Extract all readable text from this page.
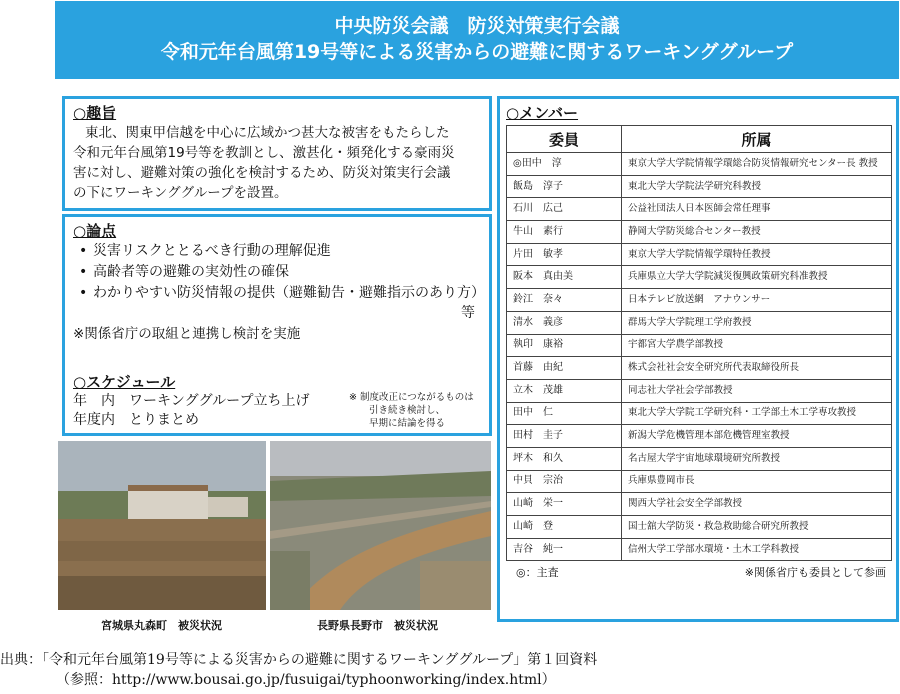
中央防災会議　防災対策実行会議
令和元年台風第19号等による災害からの避難に関するワーキンググループ
○趣旨
東北、関東甲信越を中心に広域かつ甚大な被害をもたらした
令和元年台風第19号等を教訓とし、激甚化・頻発化する豪雨災
害に対し、避難対策の強化を検討するため、防災対策実行会議
の下にワーキンググループを設置。
○論点
• 災害リスクととるべき行動の理解促進
• 高齢者等の避難の実効性の確保
• わかりやすい防災情報の提供（避難勧告・避難指示のあり方）
等
※関係省庁の取組と連携し検討を実施
○スケジュール
年　内　ワーキンググループ立ち上げ
年度内　とりまとめ
※ 制度改正につながるものは
引き続き検討し、
早期に結論を得る
宮城県丸森町　被災状況	長野県長野市　被災状況
○メンバー
委員	所属
◎田中　淳	東京大学大学院情報学環総合防災情報研究センター長 教授
飯島　淳子	東北大学大学院法学研究科教授
石川　広己	公益社団法人日本医師会常任理事
牛山　素行	静岡大学防災総合センター教授
片田　敏孝	東京大学大学院情報学環特任教授
阪本　真由美	兵庫県立大学大学院減災復興政策研究科准教授
鈴江　奈々	日本テレビ放送網　アナウンサー
清水　義彦	群馬大学大学院理工学府教授
執印　康裕	宇都宮大学農学部教授
首藤　由紀	株式会社社会安全研究所代表取締役所長
立木　茂雄	同志社大学社会学部教授
田中　仁	東北大学大学院工学研究科・工学部土木工学専攻教授
田村　圭子	新潟大学危機管理本部危機管理室教授
坪木　和久	名古屋大学宇宙地球環境研究所教授
中貝　宗治	兵庫県豊岡市長
山崎　栄一	関西大学社会安全学部教授
山崎　登	国士舘大学防災・救急救助総合研究所教授
吉谷　純一	信州大学工学部水環境・土木工学科教授
◎：主査	※関係省庁も委員として参画
出典：「令和元年台風第19号等による災害からの避難に関するワーキンググループ」第１回資料
（参照：http://www.bousai.go.jp/fusuigai/typhoonworking/index.html）
